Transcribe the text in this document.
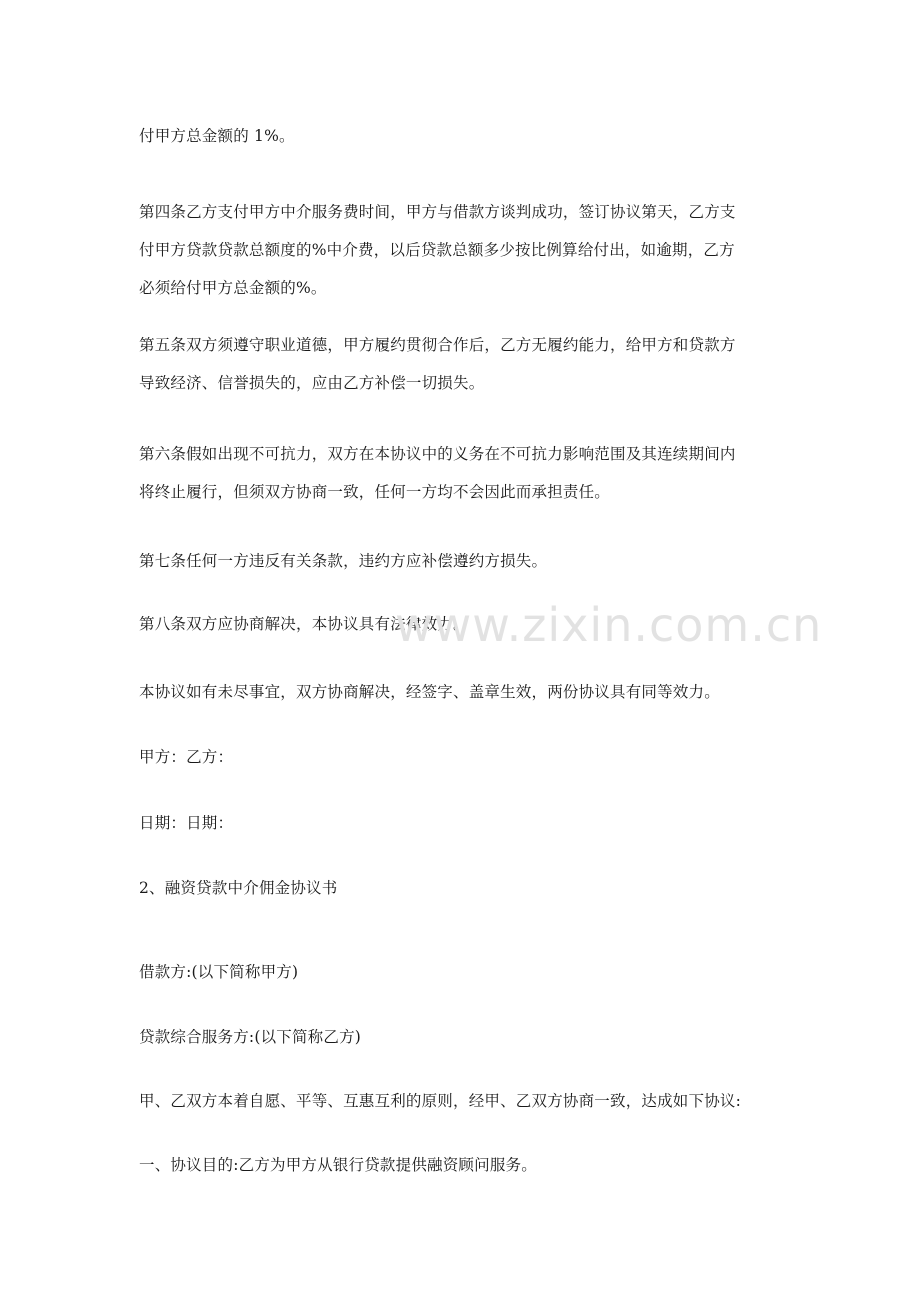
付甲方总金额的 1%。

第四条乙方支付甲方中介服务费时间，甲方与借款方谈判成功，签订协议第天，乙方支
付甲方贷款贷款总额度的%中介费，以后贷款总额多少按比例算给付出，如逾期，乙方
必须给付甲方总金额的%。

第五条双方须遵守职业道德，甲方履约贯彻合作后，乙方无履约能力，给甲方和贷款方
导致经济、信誉损失的，应由乙方补偿一切损失。

第六条假如出现不可抗力，双方在本协议中的义务在不可抗力影响范围及其连续期间内
将终止履行，但须双方协商一致，任何一方均不会因此而承担责任。

第七条任何一方违反有关条款，违约方应补偿遵约方损失。

第八条双方应协商解决，本协议具有法律效力。

本协议如有未尽事宜，双方协商解决，经签字、盖章生效，两份协议具有同等效力。

甲方：乙方：

日期：日期：

2、融资贷款中介佣金协议书

借款方:(以下简称甲方)

贷款综合服务方:(以下简称乙方)

甲、乙双方本着自愿、平等、互惠互利的原则，经甲、乙双方协商一致，达成如下协议:

一、协议目的:乙方为甲方从银行贷款提供融资顾问服务。

www.zixin.com.cn
